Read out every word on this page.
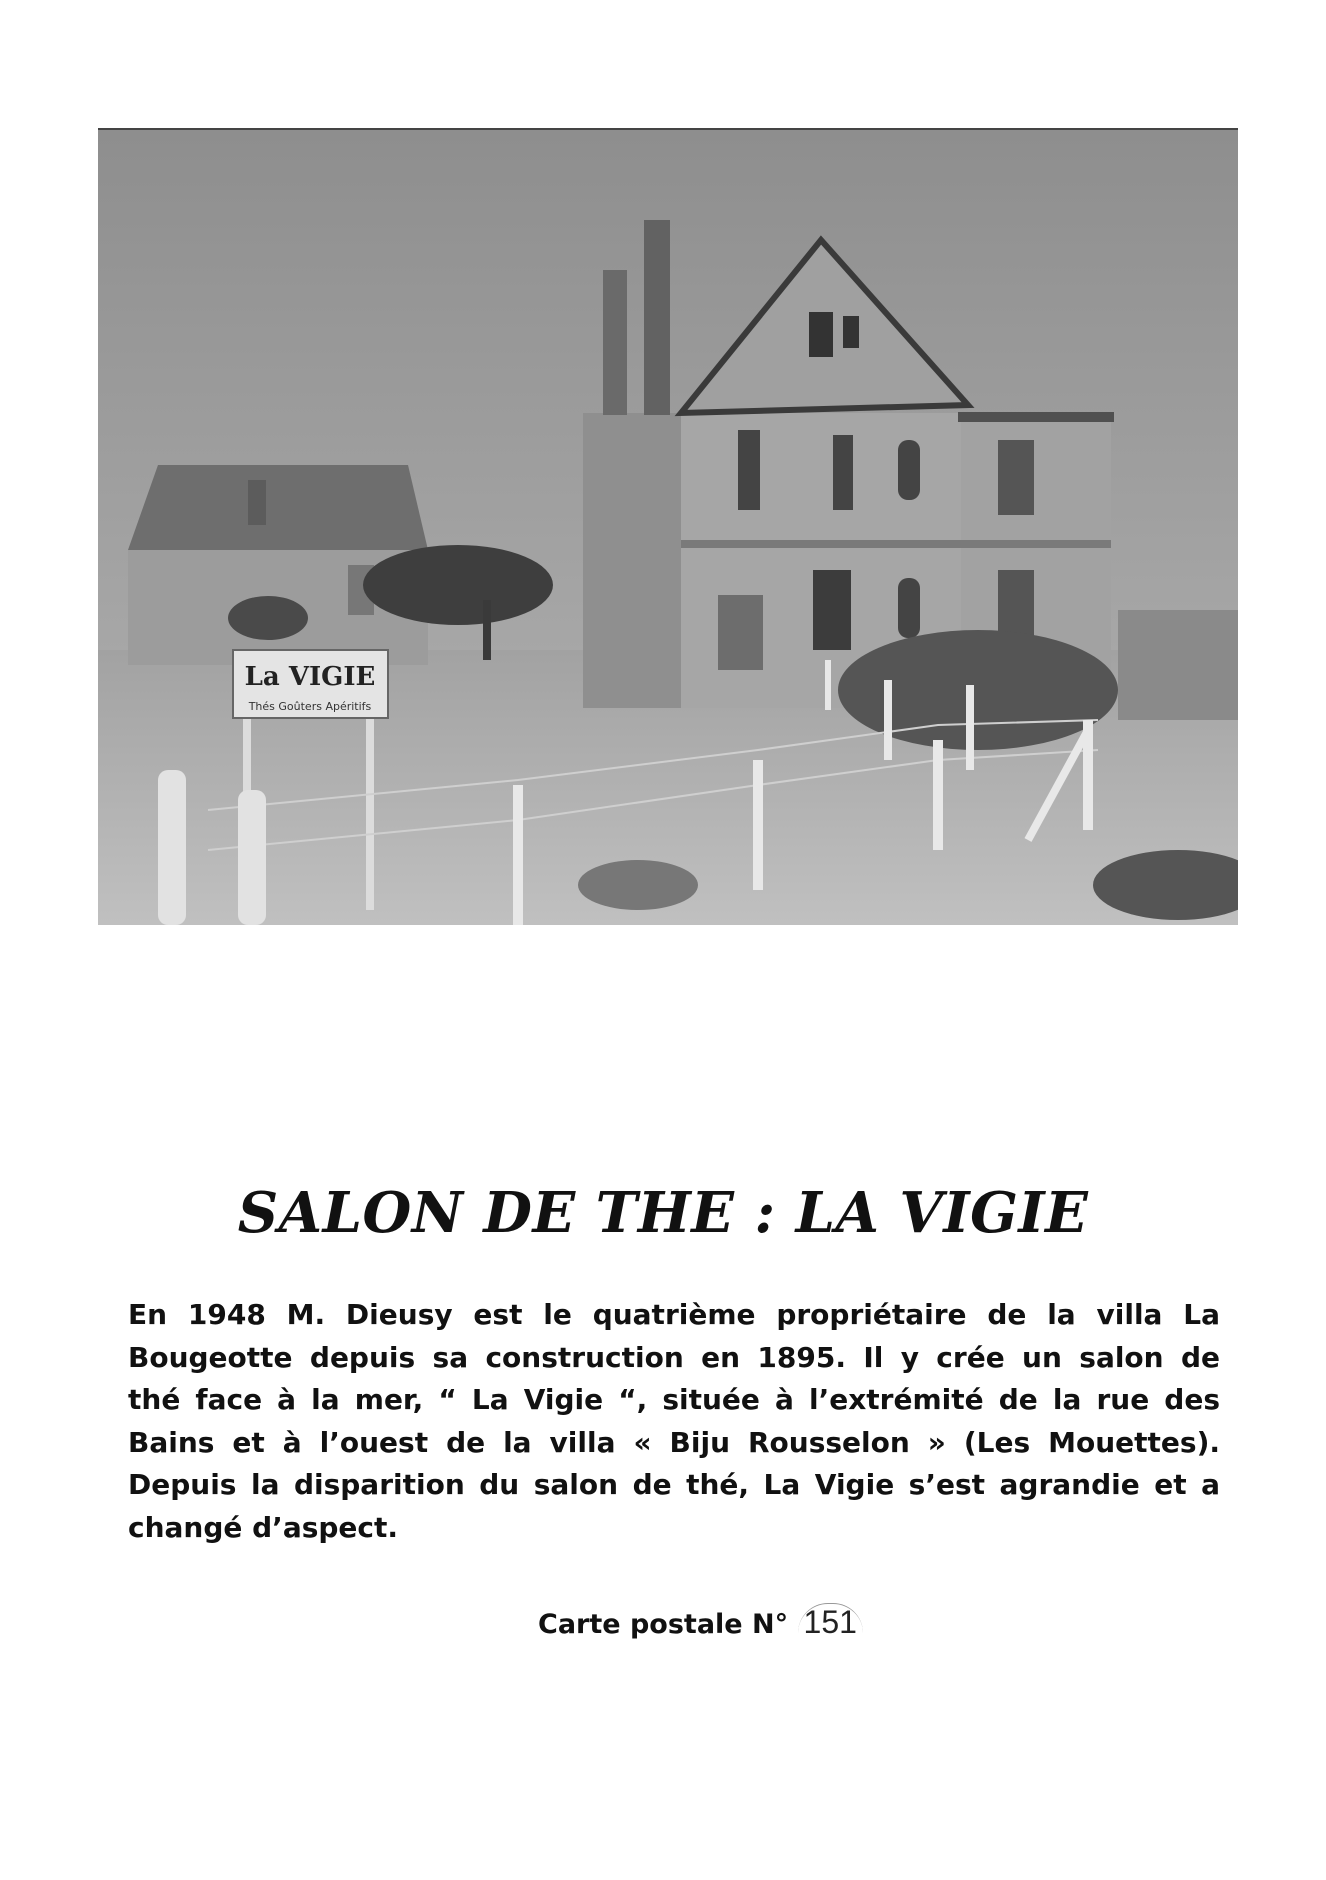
La VIGIE
Thés Goûters Apéritifs
SALON DE THE : LA VIGIE
En 1948 M. Dieusy est le quatrième propriétaire de la villa La
Bougeotte depuis sa construction en 1895. Il y crée un salon de
thé face à la mer, “ La Vigie “, située à l’extrémité de la rue des
Bains et à l’ouest de la villa « Biju Rousselon » (Les Mouettes).
Depuis la disparition du salon de thé, La Vigie s’est agrandie et a
changé d’aspect.
Carte postale N° 151
